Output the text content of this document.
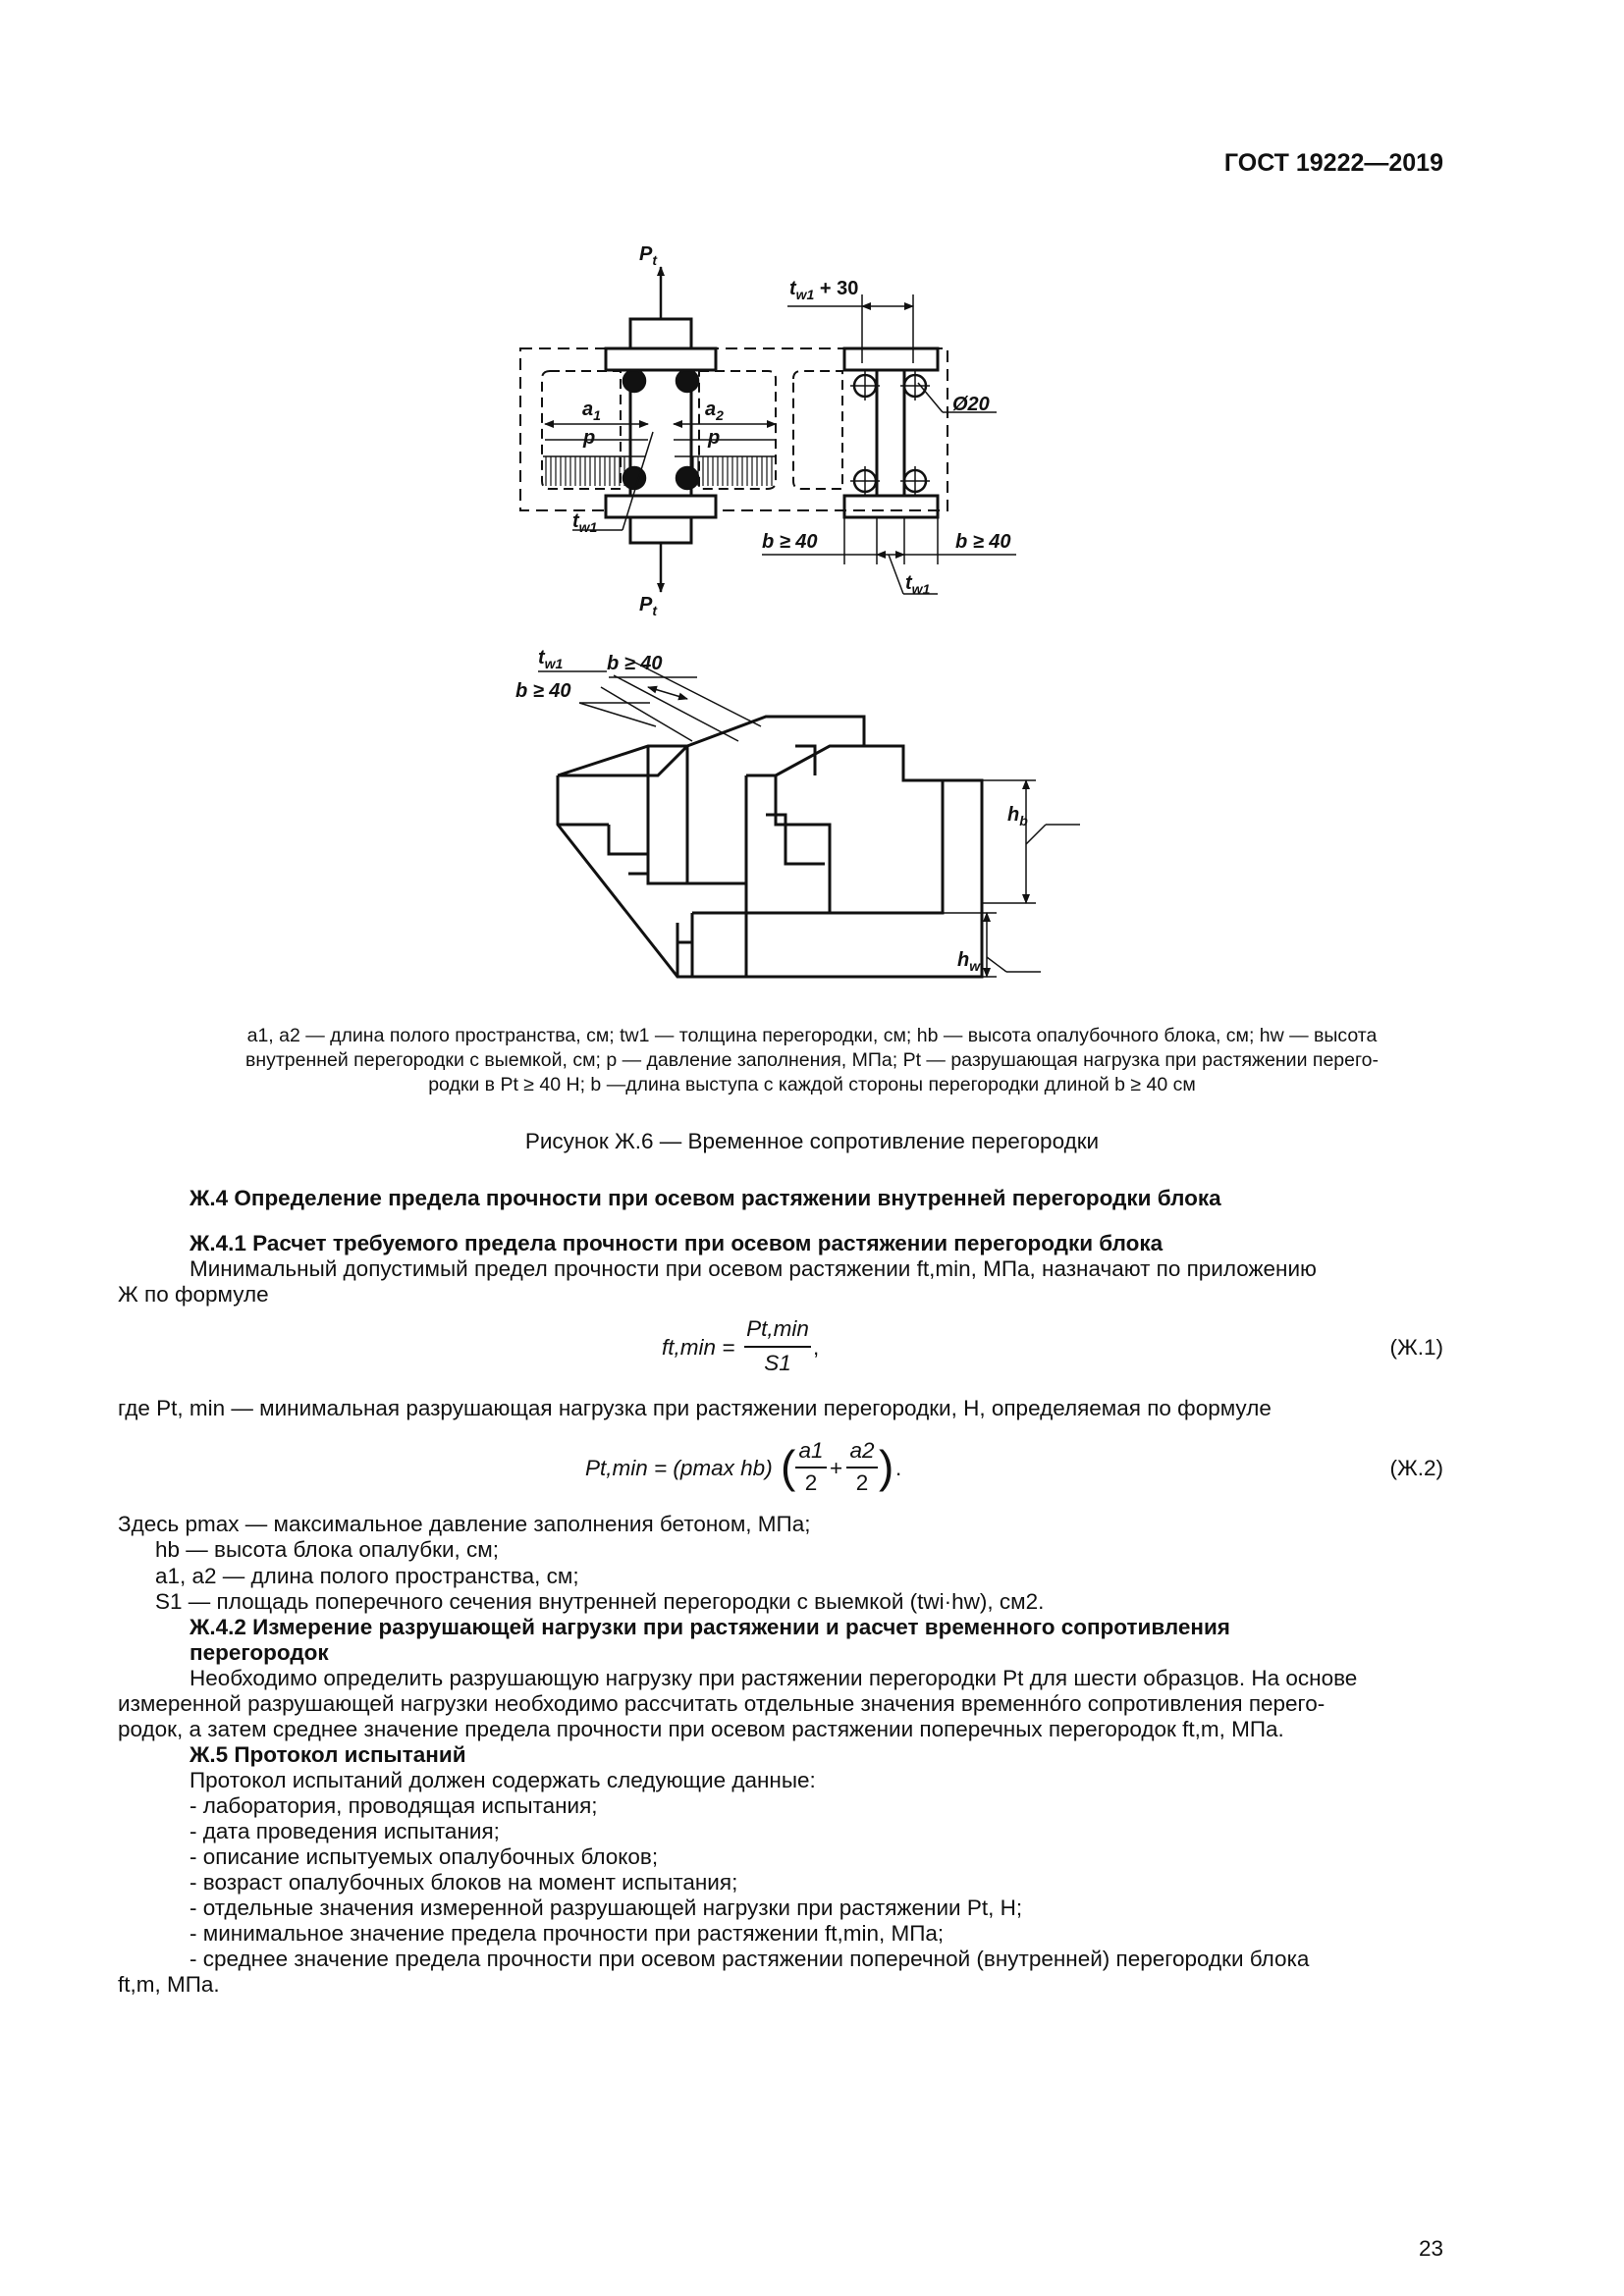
ГОСТ 19222—2019
$P_t$
$P_t$
$a_1$	$a_2$
p	p
$t_{w1}$
$t_{w1} + 30$
Ø20
b ≥ 40	b ≥ 40
$t_{w1}$
$t_{w1}$ b ≥ 40
b ≥ 40
$h_b$
$h_w$
a1, a2 — длина полого пространства, см; tw1 — толщина перегородки, см; hb — высота опалубочного блока, см; hw — высота
внутренней перегородки с выемкой, см; p — давление заполнения, МПа; Pt — разрушающая нагрузка при растяжении перего-
родки в Pt ≥ 40 Н; b —длина выступа с каждой стороны перегородки длиной b ≥ 40 см
Рисунок Ж.6 — Временное сопротивление перегородки
Ж.4 Определение предела прочности при осевом растяжении внутренней перегородки блока
Ж.4.1 Расчет требуемого предела прочности при осевом растяжении перегородки блока
Минимальный допустимый предел прочности при осевом растяжении ft,min, МПа, назначают по приложению
Ж по формуле
ft,min =
Pt,min
S1
,	(Ж.1)
где Pt, min — минимальная разрушающая нагрузка при растяжении перегородки, Н, определяемая по формуле
Pt,min = (pmax hb) ( a1
2
+
a2
2 ) .	(Ж.2)
Здесь pmax — максимальное давление заполнения бетоном, МПа;
hb — высота блока опалубки, см;
a1, a2 — длина полого пространства, см;
S1 — площадь поперечного сечения внутренней перегородки с выемкой (twi·hw), см2.
Ж.4.2 Измерение разрушающей нагрузки при растяжении и расчет временного сопротивления
перегородок
Необходимо определить разрушающую нагрузку при растяжении перегородки Pt для шести образцов. На основе
измеренной разрушающей нагрузки необходимо рассчитать отдельные значения временнóго сопротивления перего-
родок, а затем среднее значение предела прочности при осевом растяжении поперечных перегородок ft,m, МПа.
Ж.5 Протокол испытаний
Протокол испытаний должен содержать следующие данные:
- лаборатория, проводящая испытания;
- дата проведения испытания;
- описание испытуемых опалубочных блоков;
- возраст опалубочных блоков на момент испытания;
- отдельные значения измеренной разрушающей нагрузки при растяжении Pt, Н;
- минимальное значение предела прочности при растяжении ft,min, МПа;
- среднее значение предела прочности при осевом растяжении поперечной (внутренней) перегородки блока
ft,m, МПа.
23
